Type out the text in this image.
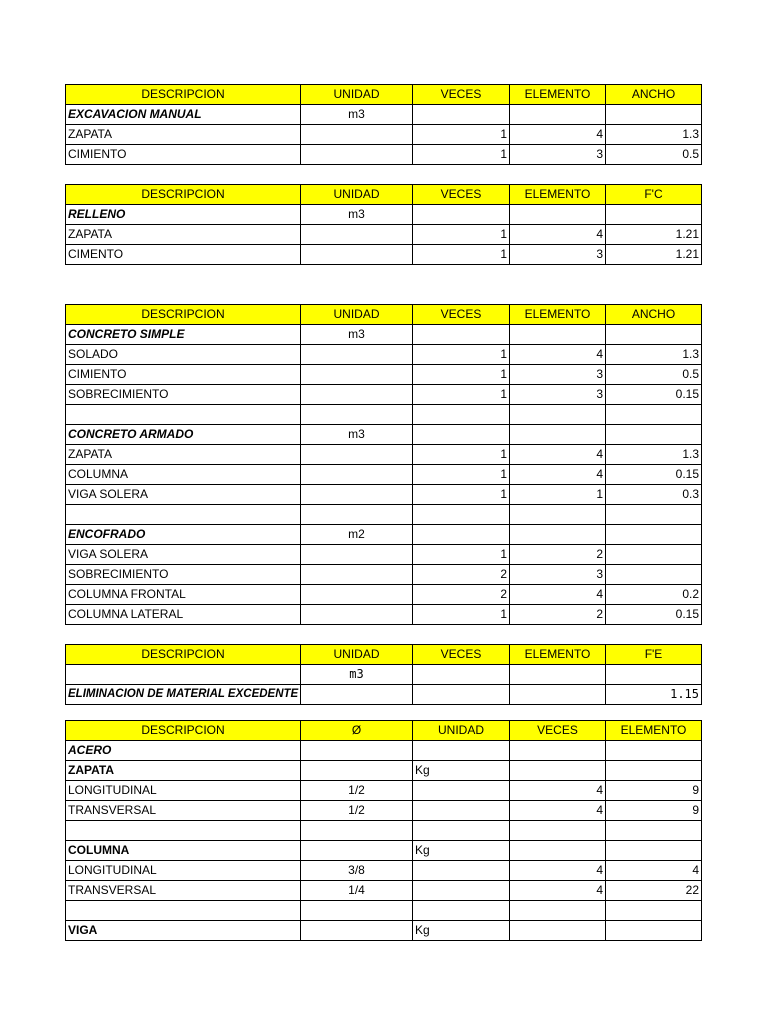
DESCRIPCION	UNIDAD	VECES	ELEMENTO	ANCHO
EXCAVACION MANUAL	m3			
ZAPATA		1	4	1.3
CIMIENTO		1	3	0.5
DESCRIPCION	UNIDAD	VECES	ELEMENTO	F'C
RELLENO	m3			
ZAPATA		1	4	1.21
CIMENTO		1	3	1.21
DESCRIPCION	UNIDAD	VECES	ELEMENTO	ANCHO
CONCRETO SIMPLE	m3			
SOLADO		1	4	1.3
CIMIENTO		1	3	0.5
SOBRECIMIENTO		1	3	0.15

CONCRETO ARMADO	m3			
ZAPATA		1	4	1.3
COLUMNA		1	4	0.15
VIGA SOLERA		1	1	0.3

ENCOFRADO	m2			
VIGA SOLERA		1	2	
SOBRECIMIENTO		2	3	
COLUMNA FRONTAL		2	4	0.2
COLUMNA LATERAL		1	2	0.15
DESCRIPCION	UNIDAD	VECES	ELEMENTO	F'E
	m3			
ELIMINACION DE MATERIAL EXCEDENTE				1.15
DESCRIPCION	Ø	UNIDAD	VECES	ELEMENTO
ACERO				
ZAPATA		Kg		
LONGITUDINAL	1/2		4	9
TRANSVERSAL	1/2		4	9

COLUMNA		Kg		
LONGITUDINAL	3/8		4	4
TRANSVERSAL	1/4		4	22

VIGA		Kg		
